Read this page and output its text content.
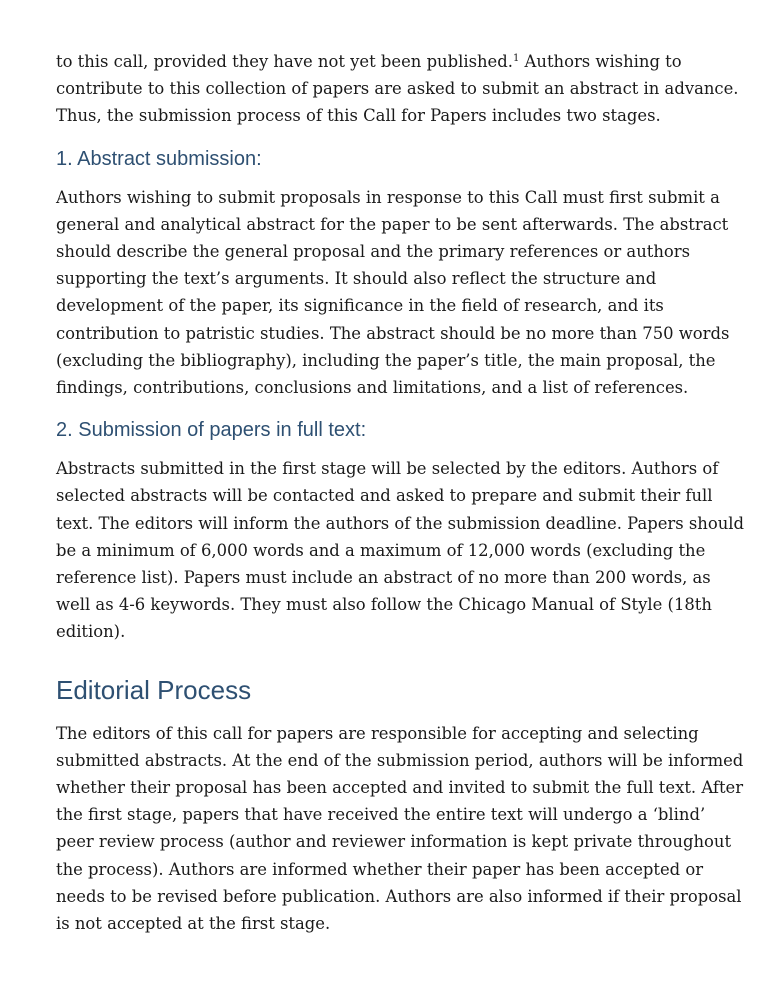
to this call, provided they have not yet been published.$^1$ Authors wishing to contribute to this collection of papers are asked to submit an abstract in advance. Thus, the submission process of this Call for Papers includes two stages.

1. Abstract submission:

Authors wishing to submit proposals in response to this Call must first submit a general and analytical abstract for the paper to be sent afterwards. The abstract should describe the general proposal and the primary references or authors supporting the text’s arguments. It should also reflect the structure and development of the paper, its significance in the field of research, and its contribution to patristic studies. The abstract should be no more than 750 words (excluding the bibliography), including the paper’s title, the main proposal, the findings, contributions, conclusions and limitations, and a list of references.

2. Submission of papers in full text:

Abstracts submitted in the first stage will be selected by the editors. Authors of selected abstracts will be contacted and asked to prepare and submit their full text. The editors will inform the authors of the submission deadline. Papers should be a minimum of 6,000 words and a maximum of 12,000 words (excluding the reference list). Papers must include an abstract of no more than 200 words, as well as 4-6 keywords. They must also follow the Chicago Manual of Style (18th edition).

Editorial Process

The editors of this call for papers are responsible for accepting and selecting submitted abstracts. At the end of the submission period, authors will be informed whether their proposal has been accepted and invited to submit the full text. After the first stage, papers that have received the entire text will undergo a ‘blind’ peer review process (author and reviewer information is kept private throughout the process). Authors are informed whether their paper has been accepted or needs to be revised before publication. Authors are also informed if their proposal is not accepted at the first stage.
